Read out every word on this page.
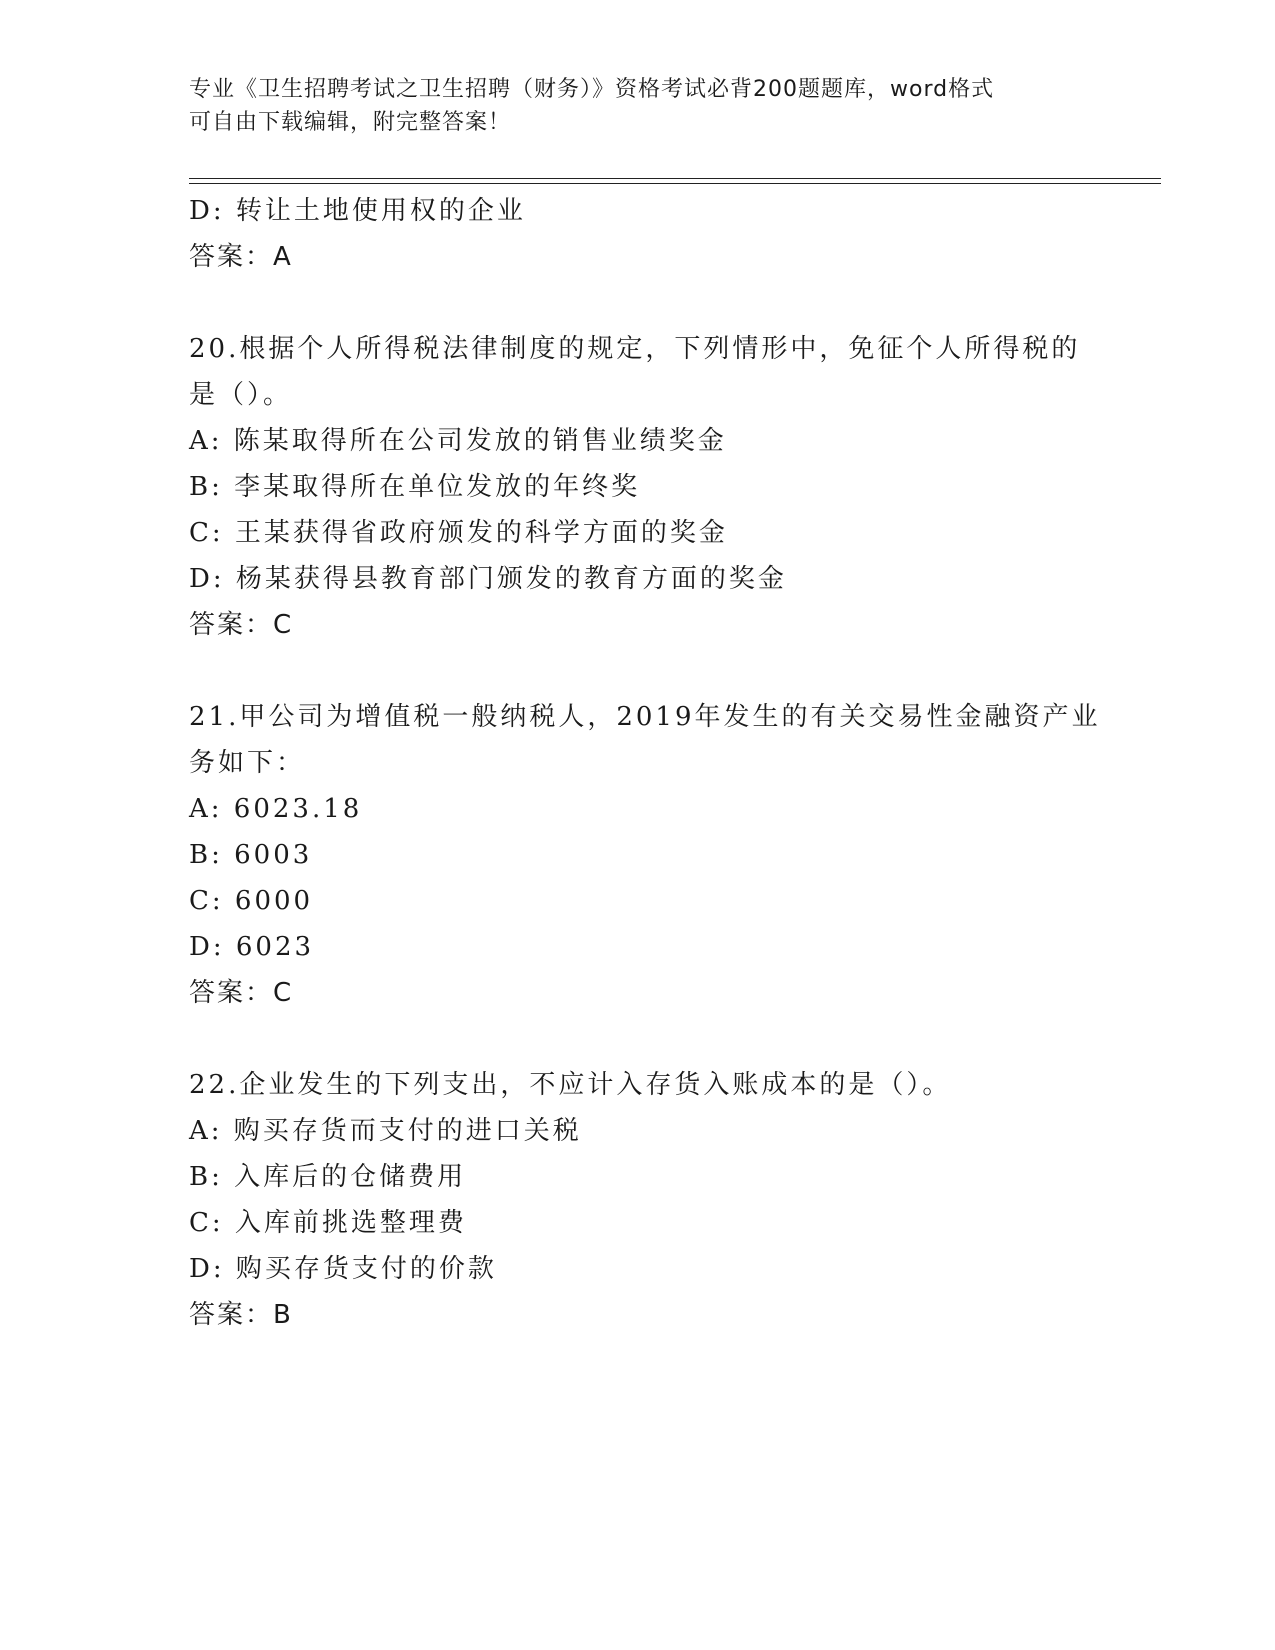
专业《卫生招聘考试之卫生招聘（财务）》资格考试必背200题题库，word格式
可自由下载编辑，附完整答案！
D: 转让土地使用权的企业
答案：A
20.根据个人所得税法律制度的规定，下列情形中，免征个人所得税的
是（）。
A: 陈某取得所在公司发放的销售业绩奖金
B: 李某取得所在单位发放的年终奖
C: 王某获得省政府颁发的科学方面的奖金
D: 杨某获得县教育部门颁发的教育方面的奖金
答案：C
21.甲公司为增值税一般纳税人，2019年发生的有关交易性金融资产业
务如下：
A: 6023.18
B: 6003
C: 6000
D: 6023
答案：C
22.企业发生的下列支出，不应计入存货入账成本的是（）。
A: 购买存货而支付的进口关税
B: 入库后的仓储费用
C: 入库前挑选整理费
D: 购买存货支付的价款
答案：B
